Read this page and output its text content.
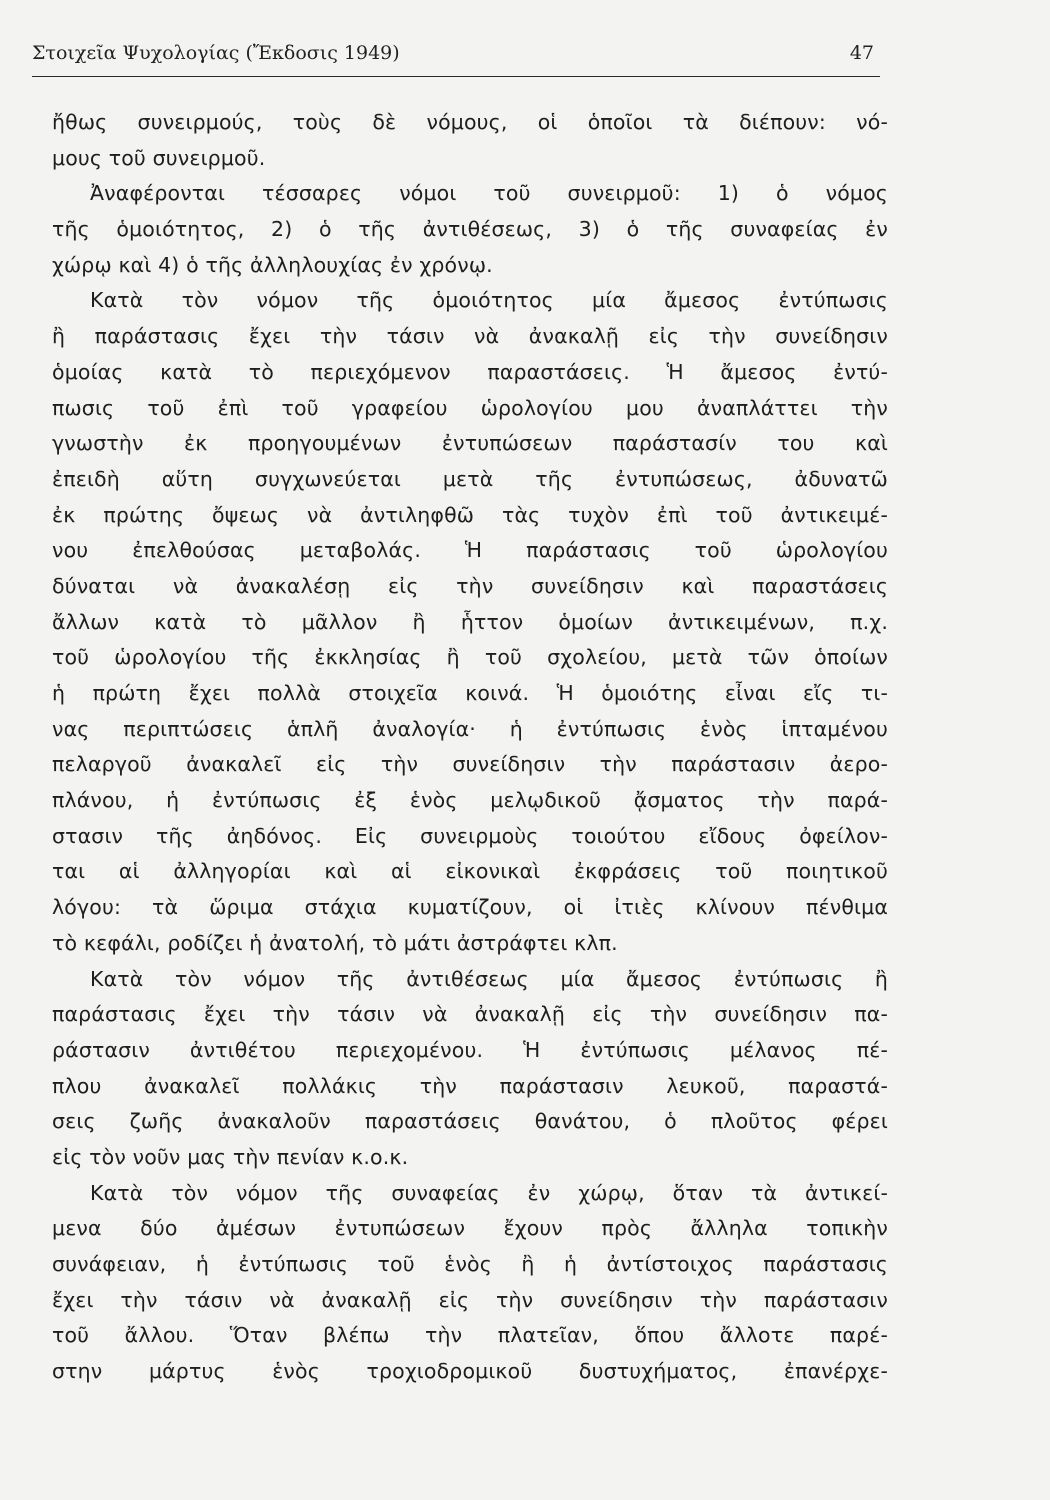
Στοιχεῖα Ψυχολογίας (Ἔκδοσις 1949)	47
ἤθως συνειρμούς, τοὺς δὲ νόμους, οἱ ὁποῖοι τὰ διέπουν: νό-
μους τοῦ συνειρμοῦ.
Ἀναφέρονται τέσσαρες νόμοι τοῦ συνειρμοῦ: 1) ὁ νόμος
τῆς ὁμοιότητος, 2) ὁ τῆς ἀντιθέσεως, 3) ὁ τῆς συναφείας ἐν
χώρῳ καὶ 4) ὁ τῆς ἀλληλουχίας ἐν χρόνῳ.
Κατὰ τὸν νόμον τῆς ὁμοιότητος μία ἄμεσος ἐντύπωσις
ἢ παράστασις ἔχει τὴν τάσιν νὰ ἀνακαλῇ εἰς τὴν συνείδησιν
ὁμοίας κατὰ τὸ περιεχόμενον παραστάσεις. Ἡ ἄμεσος ἐντύ-
πωσις τοῦ ἐπὶ τοῦ γραφείου ὡρολογίου μου ἀναπλάττει τὴν
γνωστὴν ἐκ προηγουμένων ἐντυπώσεων παράστασίν του καὶ
ἐπειδὴ αὕτη συγχωνεύεται μετὰ τῆς ἐντυπώσεως, ἀδυνατῶ
ἐκ πρώτης ὄψεως νὰ ἀντιληφθῶ τὰς τυχὸν ἐπὶ τοῦ ἀντικειμέ-
νου ἐπελθούσας μεταβολάς. Ἡ παράστασις τοῦ ὡρολογίου
δύναται νὰ ἀνακαλέσῃ εἰς τὴν συνείδησιν καὶ παραστάσεις
ἄλλων κατὰ τὸ μᾶλλον ἢ ἧττον ὁμοίων ἀντικειμένων, π.χ.
τοῦ ὡρολογίου τῆς ἐκκλησίας ἢ τοῦ σχολείου, μετὰ τῶν ὁποίων
ἡ πρώτη ἔχει πολλὰ στοιχεῖα κοινά. Ἡ ὁμοιότης εἶναι εἴς τι-
νας περιπτώσεις ἁπλῆ ἀναλογία· ἡ ἐντύπωσις ἑνὸς ἱπταμένου
πελαργοῦ ἀνακαλεῖ εἰς τὴν συνείδησιν τὴν παράστασιν ἀερο-
πλάνου, ἡ ἐντύπωσις ἐξ ἑνὸς μελῳδικοῦ ᾄσματος τὴν παρά-
στασιν τῆς ἀηδόνος. Εἰς συνειρμοὺς τοιούτου εἴδους ὀφείλον-
ται αἱ ἀλληγορίαι καὶ αἱ εἰκονικαὶ ἐκφράσεις τοῦ ποιητικοῦ
λόγου: τὰ ὥριμα στάχια κυματίζουν, οἱ ἰτιὲς κλίνουν πένθιμα
τὸ κεφάλι, ροδίζει ἡ ἀνατολή, τὸ μάτι ἀστράφτει κλπ.
Κατὰ τὸν νόμον τῆς ἀντιθέσεως μία ἄμεσος ἐντύπωσις ἢ
παράστασις ἔχει τὴν τάσιν νὰ ἀνακαλῇ εἰς τὴν συνείδησιν πα-
ράστασιν ἀντιθέτου περιεχομένου. Ἡ ἐντύπωσις μέλανος πέ-
πλου ἀνακαλεῖ πολλάκις τὴν παράστασιν λευκοῦ, παραστά-
σεις ζωῆς ἀνακαλοῦν παραστάσεις θανάτου, ὁ πλοῦτος φέρει
εἰς τὸν νοῦν μας τὴν πενίαν κ.ο.κ.
Κατὰ τὸν νόμον τῆς συναφείας ἐν χώρῳ, ὅταν τὰ ἀντικεί-
μενα δύο ἀμέσων ἐντυπώσεων ἔχουν πρὸς ἄλληλα τοπικὴν
συνάφειαν, ἡ ἐντύπωσις τοῦ ἑνὸς ἢ ἡ ἀντίστοιχος παράστασις
ἔχει τὴν τάσιν νὰ ἀνακαλῇ εἰς τὴν συνείδησιν τὴν παράστασιν
τοῦ ἄλλου. Ὅταν βλέπω τὴν πλατεῖαν, ὅπου ἄλλοτε παρέ-
στην μάρτυς ἑνὸς τροχιοδρομικοῦ δυστυχήματος, ἐπανέρχε-
